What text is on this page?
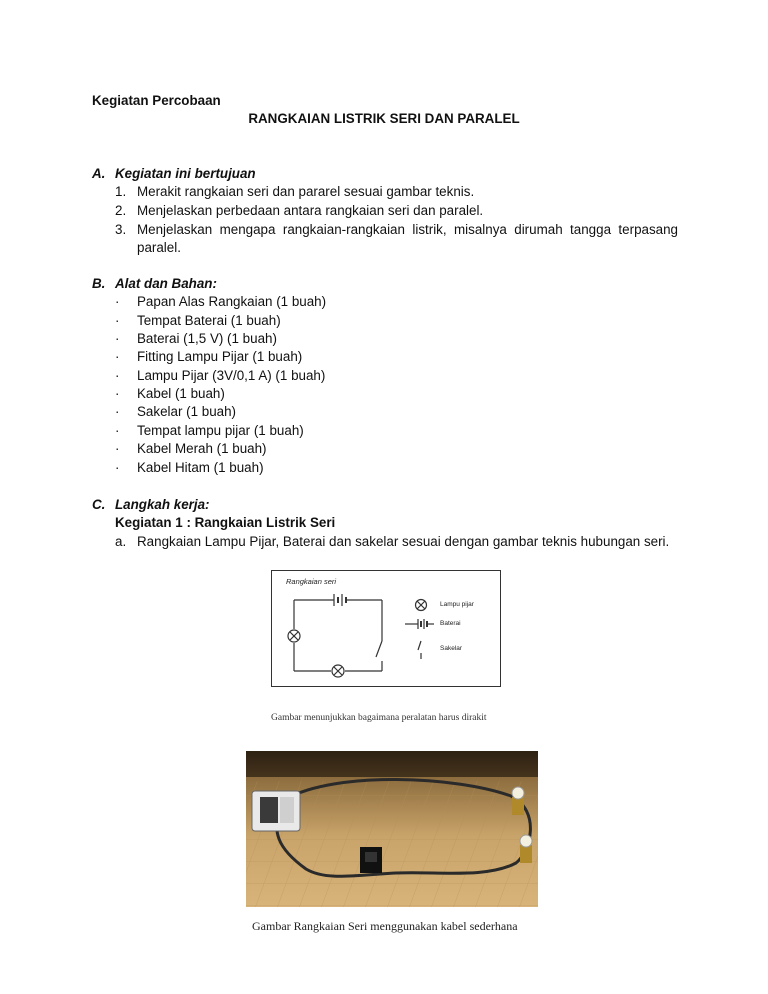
Kegiatan Percobaan
RANGKAIAN LISTRIK SERI DAN PARALEL
A. Kegiatan ini bertujuan
1. Merakit rangkaian seri dan pararel sesuai gambar teknis.
2. Menjelaskan perbedaan antara rangkaian seri dan paralel.
3. Menjelaskan mengapa rangkaian-rangkaian listrik, misalnya dirumah tangga terpasang
paralel.
B. Alat dan Bahan:
·	Papan Alas Rangkaian (1 buah)
·	Tempat Baterai (1 buah)
·	Baterai (1,5 V) (1 buah)
·	Fitting Lampu Pijar (1 buah)
·	Lampu Pijar (3V/0,1 A) (1 buah)
·	Kabel (1 buah)
·	Sakelar (1 buah)
·	Tempat lampu pijar (1 buah)
·	Kabel Merah (1 buah)
·	Kabel Hitam (1 buah)
C. Langkah kerja:
Kegiatan 1 : Rangkaian Listrik Seri
a. Rangkaian Lampu Pijar, Baterai dan sakelar sesuai dengan gambar teknis hubungan seri.
Rangkaian seri
Lampu pijar
Baterai
Sakelar
Gambar menunjukkan bagaimana peralatan harus dirakit
Gambar Rangkaian Seri menggunakan kabel sederhana
